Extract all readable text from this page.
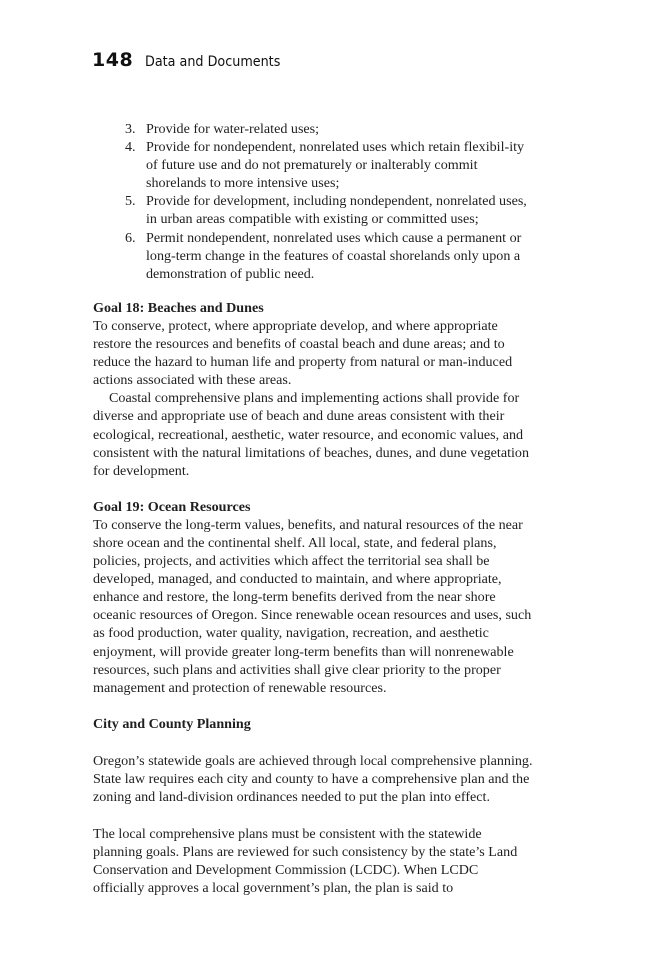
148 Data and Documents
3. Provide for water-related uses;
4. Provide for nondependent, nonrelated uses which retain flexibil-ity of future use and do not prematurely or inalterably commit shorelands to more intensive uses;
5. Provide for development, including nondependent, nonrelated uses, in urban areas compatible with existing or committed uses;
6. Permit nondependent, nonrelated uses which cause a permanent or long-term change in the features of coastal shorelands only upon a demonstration of public need.

Goal 18: Beaches and Dunes

To conserve, protect, where appropriate develop, and where appropriate restore the resources and benefits of coastal beach and dune areas; and to reduce the hazard to human life and property from natural or man-induced actions associated with these areas.

Coastal comprehensive plans and implementing actions shall provide for diverse and appropriate use of beach and dune areas consistent with their ecological, recreational, aesthetic, water resource, and economic values, and consistent with the natural limitations of beaches, dunes, and dune vegetation for development.

Goal 19: Ocean Resources

To conserve the long-term values, benefits, and natural resources of the near shore ocean and the continental shelf. All local, state, and federal plans, policies, projects, and activities which affect the territorial sea shall be developed, managed, and conducted to maintain, and where appropriate, enhance and restore, the long-term benefits derived from the near shore oceanic resources of Oregon. Since renewable ocean resources and uses, such as food production, water quality, navigation, recreation, and aesthetic enjoyment, will provide greater long-term benefits than will nonrenewable resources, such plans and activities shall give clear priority to the proper management and protection of renewable resources.

City and County Planning

Oregon’s statewide goals are achieved through local comprehensive planning. State law requires each city and county to have a comprehensive plan and the zoning and land-division ordinances needed to put the plan into effect.

The local comprehensive plans must be consistent with the statewide planning goals. Plans are reviewed for such consistency by the state’s Land Conservation and Development Commission (LCDC). When LCDC officially approves a local government’s plan, the plan is said to
